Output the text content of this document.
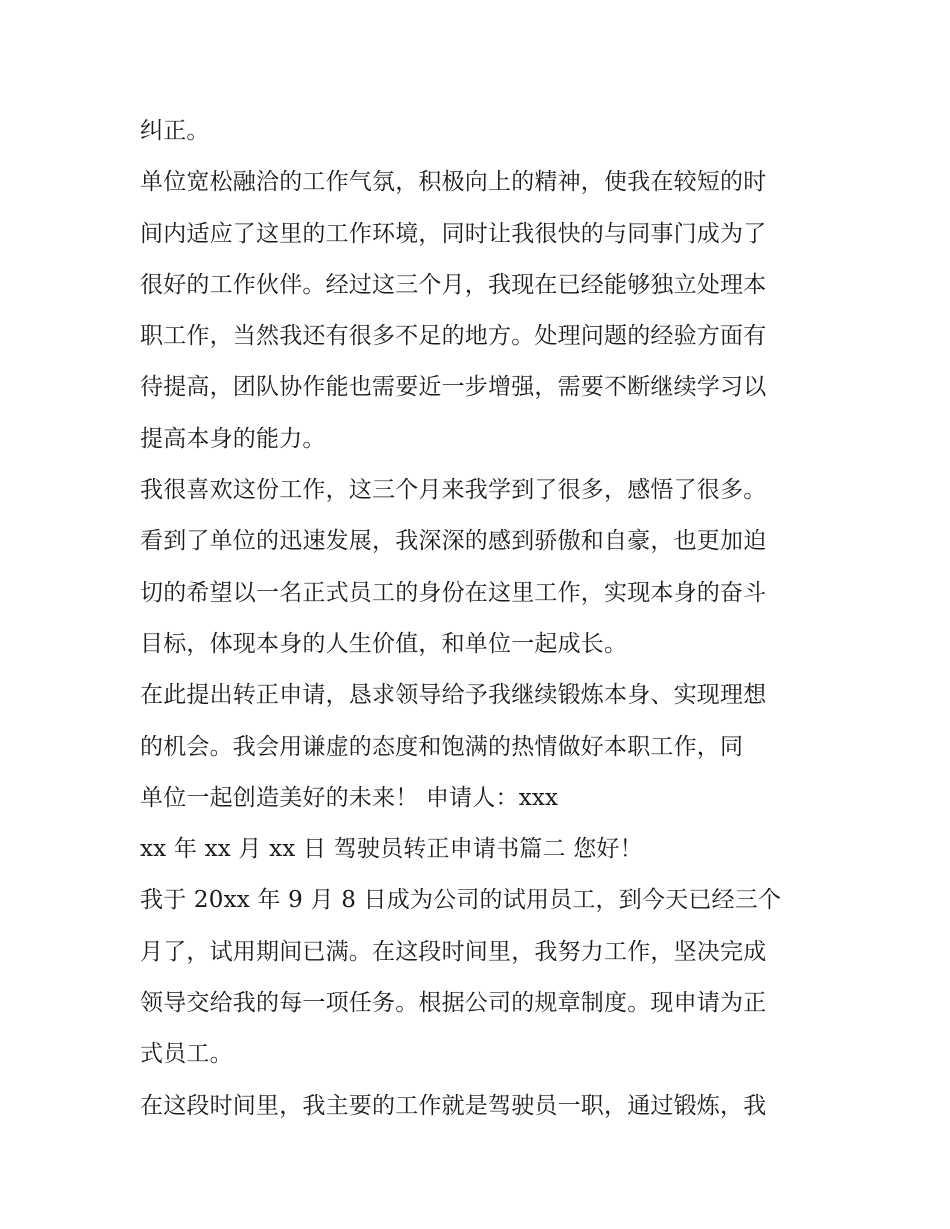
纠正。
单位宽松融洽的工作气氛，积极向上的精神，使我在较短的时
间内适应了这里的工作环境，同时让我很快的与同事门成为了
很好的工作伙伴。经过这三个月，我现在已经能够独立处理本
职工作，当然我还有很多不足的地方。处理问题的经验方面有
待提高，团队协作能也需要近一步增强，需要不断继续学习以
提高本身的能力。
我很喜欢这份工作，这三个月来我学到了很多，感悟了很多。
看到了单位的迅速发展，我深深的感到骄傲和自豪，也更加迫
切的希望以一名正式员工的身份在这里工作，实现本身的奋斗
目标，体现本身的人生价值，和单位一起成长。
在此提出转正申请，恳求领导给予我继续锻炼本身、实现理想
的机会。我会用谦虚的态度和饱满的热情做好本职工作，同
单位一起创造美好的未来！ 申请人：xxx
xx 年 xx 月 xx 日 驾驶员转正申请书篇二 您好！
我于 20xx 年 9 月 8 日成为公司的试用员工，到今天已经三个
月了，试用期间已满。在这段时间里，我努力工作，坚决完成
领导交给我的每一项任务。根据公司的规章制度。现申请为正
式员工。
在这段时间里，我主要的工作就是驾驶员一职，通过锻炼，我
